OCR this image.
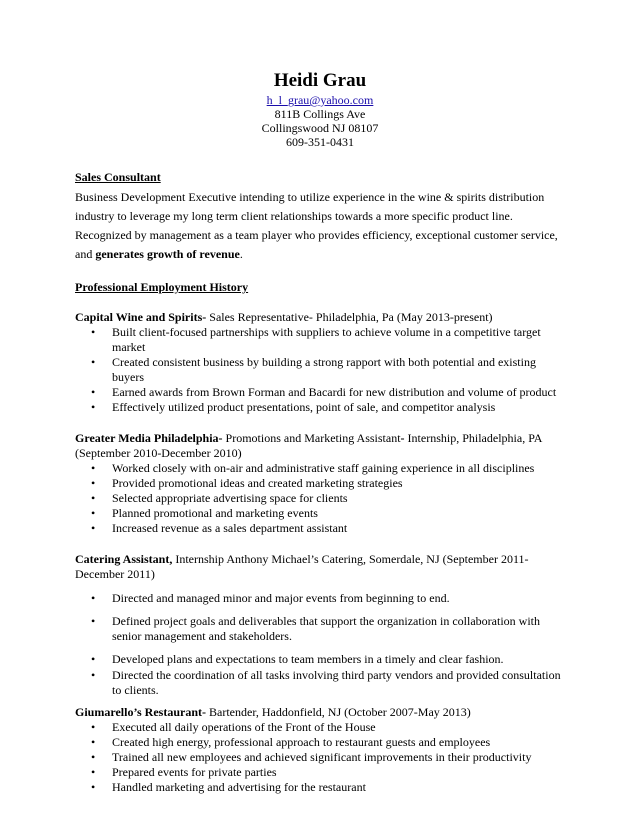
Heidi Grau
h_l_grau@yahoo.com
811B Collings Ave
Collingswood NJ 08107
609-351-0431
Sales Consultant

Business Development Executive intending to utilize experience in the wine & spirits distribution industry to leverage my long term client relationships towards a more specific product line. Recognized by management as a team player who provides efficiency, exceptional customer service, and generates growth of revenue.

Professional Employment History
Capital Wine and Spirits- Sales Representative- Philadelphia, Pa (May 2013-present)
• Built client-focused partnerships with suppliers to achieve volume in a competitive target market
• Created consistent business by building a strong rapport with both potential and existing buyers
• Earned awards from Brown Forman and Bacardi for new distribution and volume of product
• Effectively utilized product presentations, point of sale, and competitor analysis
Greater Media Philadelphia- Promotions and Marketing Assistant- Internship, Philadelphia, PA (September 2010-December 2010)
• Worked closely with on-air and administrative staff gaining experience in all disciplines
• Provided promotional ideas and created marketing strategies
• Selected appropriate advertising space for clients
• Planned promotional and marketing events
• Increased revenue as a sales department assistant
Catering Assistant, Internship Anthony Michael’s Catering, Somerdale, NJ (September 2011-December 2011)
• Directed and managed minor and major events from beginning to end.
• Defined project goals and deliverables that support the organization in collaboration with senior management and stakeholders.
• Developed plans and expectations to team members in a timely and clear fashion.
• Directed the coordination of all tasks involving third party vendors and provided consultation to clients.
Giumarello’s Restaurant- Bartender, Haddonfield, NJ (October 2007-May 2013)
• Executed all daily operations of the Front of the House
• Created high energy, professional approach to restaurant guests and employees
• Trained all new employees and achieved significant improvements in their productivity
• Prepared events for private parties
• Handled marketing and advertising for the restaurant
